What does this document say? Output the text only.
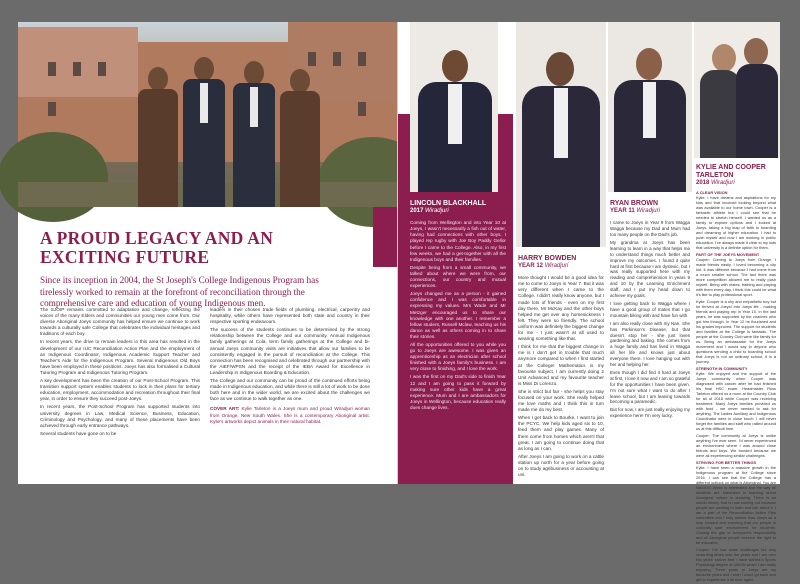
A PROUD LEGACY AND AN EXCITING FUTURE
Since its inception in 2004, the St Joseph's College Indigenous Program has tirelessly worked to remain at the forefront of reconciliation through the comprehensive care and education of young Indigenous men.

The SJOIP remains committed to adaptation and change, reflecting the voices of the many Elders and communities our young men come from. Our diverse Aboriginal Joeys community has helped ensure we continue to work towards a culturally safe College that celebrates the individual heritages and traditions of each boy.

In recent years, the drive to remain leaders in this area has resulted in the development of our IUC Reconciliation Action Plan and the employment of an Indigenous Coordinator, Indigenous Academic Support Teacher and Teacher's Aide for the Indigenous Program. Several Indigenous Old Boys have been employed in these positions. Joeys has also formalised a Cultural Tutoring Program and Indigenous Tutoring Program.

A key development has been the creation of our Post-School Program. This transition support system enables students to lock in their plans for tertiary education, employment, accommodation and recreation throughout their final year, in order to ensure they succeed post-Joeys.

In recent years, the Post-School Program has supported students into university degrees in Law, Medical Science, Business, Education, Criminology and Psychology, and many of these placements have been achieved through early entrance pathways.

Several students have gone on to be

leaders in their chosen trade fields of plumbing, electrical, carpentry and hospitality, while others have represented both state and country in their respective sporting endeavours.

The success of the students continues to be determined by the strong relationship between the College and our community. Annual Indigenous family gatherings at Cola, term family gatherings at the College and bi-annual Joeys community visits are initiatives that allow our families to be consistently engaged in the pursuit of reconciliation at the College. This connection has been recognised and celebrated through our partnership with the AIEF/WPSN and the receipt of the IEBA Award for Excellence in Leadership in Indigenous Boarding & Education.

The College and our community can be proud of the continued efforts being made in Indigenous education, and while there is still a lot of work to be done both here and in the wider world, we are excited about the challenges we face as we continue to walk together as one.

COVER ART: Kylie Tarleton is a Joeys mum and proud Wiradjuri woman from Orange, New South Wales. She is a contemporary Aboriginal artist. Kylie's artworks depict animals in their natural habitat.

LINCOLN BLACKHALL
2017 Wiradjuri

Coming from Wellington and into Year 10 at Joeys, I wasn't necessarily a fish out of water, having had connections with other boys. I played rep rugby with Joe Boy Paddy Gellor before I came to the College. Also, in my first few weeks, we had a get-together with all the Indigenous boys and their families.

Despite being from a small community, we talked about where we were from, our connections, our country and mutual experiences.

Joeys changed me as a person - it gained confidence and I was comfortable in expressing my values. Mrs Wade and Mr Metzger encouraged us to share our knowledge with one another. I remember a fellow student, Russell Mclaw, teaching us his dance as well as others coming in to share their stories.

All the opportunities offered to you while you go to Joeys are awesome. I was given an apprenticeship as an electrician after school finished with a Joeys family's business. I am very close to finishing, and I love the work.

I was the first on my Dad's side to finish Year 12 and I am going to pass it forward by making sure other kids have a great experience. Mum and I are ambassadors for Joeys in Wellington, because education really does change lives.

HARRY BOWDEN
YEAR 12 Wiradjuri

More thought I would be a good idea for me to come to Joeys in Year 7. But it was very different when I came to the College. I didn't really know anyone, but I made lots of friends - even on my first day there. Mr McKay and the other boys helped me get over any homesickness I felt. They were so friendly. The school uniform was definitely the biggest change for me - I just wasn't at all used to wearing something like that.

I think for me that the biggest change in me is I don't get in trouble that much anymore compared to when I first started at the College! Mathematics is my favourite subject. I am currently doing 2 Unit Advanced and my favourite teacher is Miss Di Lorenzo.

She is strict but fair - she helps you stay focused on your work. She really helped me love maths and I think this in turn made me do my best.

When I get back to Bourke, I want to join the PCYC. We help kids aged six to 10, feed them and play games. Many of them come from homes which aren't that great. I am going to continue doing that as long as I can.

After Joeys I am going to work on a cattle station up north for a year before going on to study agribusiness or accounting at uni.

RYAN BROWN
YEAR 11 Wiradjuri

I came to Joeys in Year 9 from Wagga Wagga because my Dad and Mum had too many people on the Dad's job.

My grandma at Joeys has been learning to learn in a way that helps me to understand things much better and improve my outcomes. I found it quite hard at first because I am dyslexic, but I was really supported here with my reading and comprehension in years 9 and 10 by the Learning Enrichment staff, and I put my head down to achieve my goals.

I love getting back to Wagga where I have a good group of mates that I go mountain biking with and have fun with.

I am also really close with my Nan. She has Parkinson's Disease, but that doesn't stop her - she just loves gardening and baking. She comes from a huge family and has lived in Wagga all her life and knows just about everyone there. I love hanging out with her and helping her.

Even though I did find it hard at Joeys at first, I love it now and I am so grateful for the opportunities I have been given. I'm not sure what I want to do after I leave school, but I am leaning towards becoming a paramedic.

But for now, I am just really enjoying my experience here! I'm very lucky.

KYLIE AND COOPER TARLETON
2018 Wiradjuri

A CLEAR VISION
Kylie: I have dreams and aspirations for my kids and that involved looking beyond what was available to our home town. Cooper is a fantastic athlete but I could see that he needed to stretch himself. I wanted us as a family to explore options and I looked at Joeys, taking a big leap of faith to boarding and dreaming of higher education. I had to push myself and now I am working in public education. I've always made it clear to my kids that university is a definite option for them.

PART OF THE JOEYS MOVEMENT
Cooper: Coming to Joeys from Orange, I made friends easily. I loved becoming a city kid. It was different because I had come from a much smaller school. The fact there was more competition allowed me to really push myself. Being with mates, training and playing with them every day, I think this could be what it's like to play professional sport.

Kylie: Cooper is a shy and empathetic boy but he thrived at Joeys! Into Joeys life - making friends and playing rep in Year 10. In the last years, he was supported by the coaches who got him through. In Year 12 he flourished and his grades improved. The support for students and families at the College is fantastic. The people at the Country Club were like family for us. Being an ambassador for the Joeys movement and I would say to anyone who questions sending a child to boarding school that Joeys is not an ordinary school, it is a journey.

STRENGTH IN COMMUNITY
Kylie: We enjoyed and the support of the Joeys community when Cooper was diagnosed with cancer after he had finished his final HSC exam. Headmaster Ross Tarleton offered us a room at the Country Club for all of 2018 while Cooper was receiving treatment. Many Joeys families provided us with food - we never needed to ask for anything. The Ladies Auxiliary and Indigenous Coordinator were in close touch. I will never forget the families and staff who rallied around us at this difficult time.

Cooper: The community at Joeys is unlike anything I've ever seen. I'd never experienced an environment where I was around close friends and boys. We bonded because we were all experiencing similar challenges.

STRIVING FOR BETTER THINGS
Kylie: I have seen a massive growth in the Indigenous program at the College since 2016. I can see that the College has a different outlook on what is Aboriginal. You are NAIDOC Week is celebrated and the way all students are interested in learning about Aboriginal culture is amazing. There is an untold history that is now coming out because people are wanting to learn and talk about it. I am a part of the Reconciliation Action Plan committee and I truly admire how Joeys as a ship forward and ensuring that our people is culturally safe environment for students. Closing the gap is everyone's responsibility and all Aboriginal people deserve the right to be educated.

Cooper: I've had some challenges but very rewarding times over the years and I am over two years' cancer-free. I have started a Sports Physiology degree at UNSW which I am really enjoying. Three years at Joeys are my favourite years and I wish I could go back and get to experience it all over again.
